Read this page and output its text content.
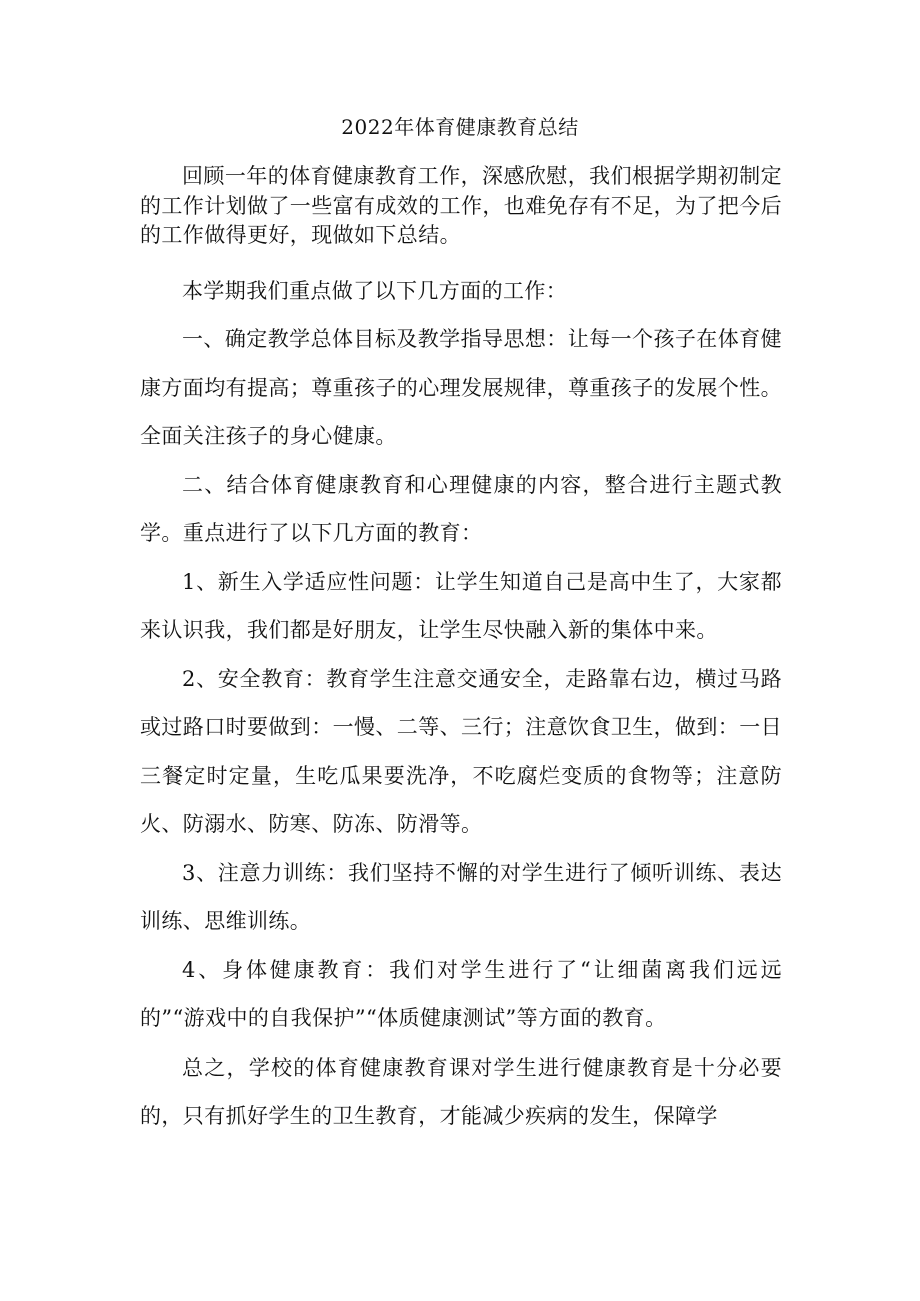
2022年体育健康教育总结

回顾一年的体育健康教育工作，深感欣慰，我们根据学期初制定的工作计划做了一些富有成效的工作，也难免存有不足，为了把今后的工作做得更好，现做如下总结。

本学期我们重点做了以下几方面的工作：

一、确定教学总体目标及教学指导思想：让每一个孩子在体育健康方面均有提高；尊重孩子的心理发展规律，尊重孩子的发展个性。全面关注孩子的身心健康。

二、结合体育健康教育和心理健康的内容，整合进行主题式教学。重点进行了以下几方面的教育：

1、新生入学适应性问题：让学生知道自己是高中生了，大家都来认识我，我们都是好朋友，让学生尽快融入新的集体中来。

2、安全教育：教育学生注意交通安全，走路靠右边，横过马路或过路口时要做到：一慢、二等、三行；注意饮食卫生，做到：一日三餐定时定量，生吃瓜果要洗净，不吃腐烂变质的食物等；注意防火、防溺水、防寒、防冻、防滑等。

3、注意力训练：我们坚持不懈的对学生进行了倾听训练、表达训练、思维训练。

4、身体健康教育：我们对学生进行了“让细菌离我们远远的”“游戏中的自我保护”“体质健康测试”等方面的教育。

总之，学校的体育健康教育课对学生进行健康教育是十分必要的，只有抓好学生的卫生教育，才能减少疾病的发生，保障学
